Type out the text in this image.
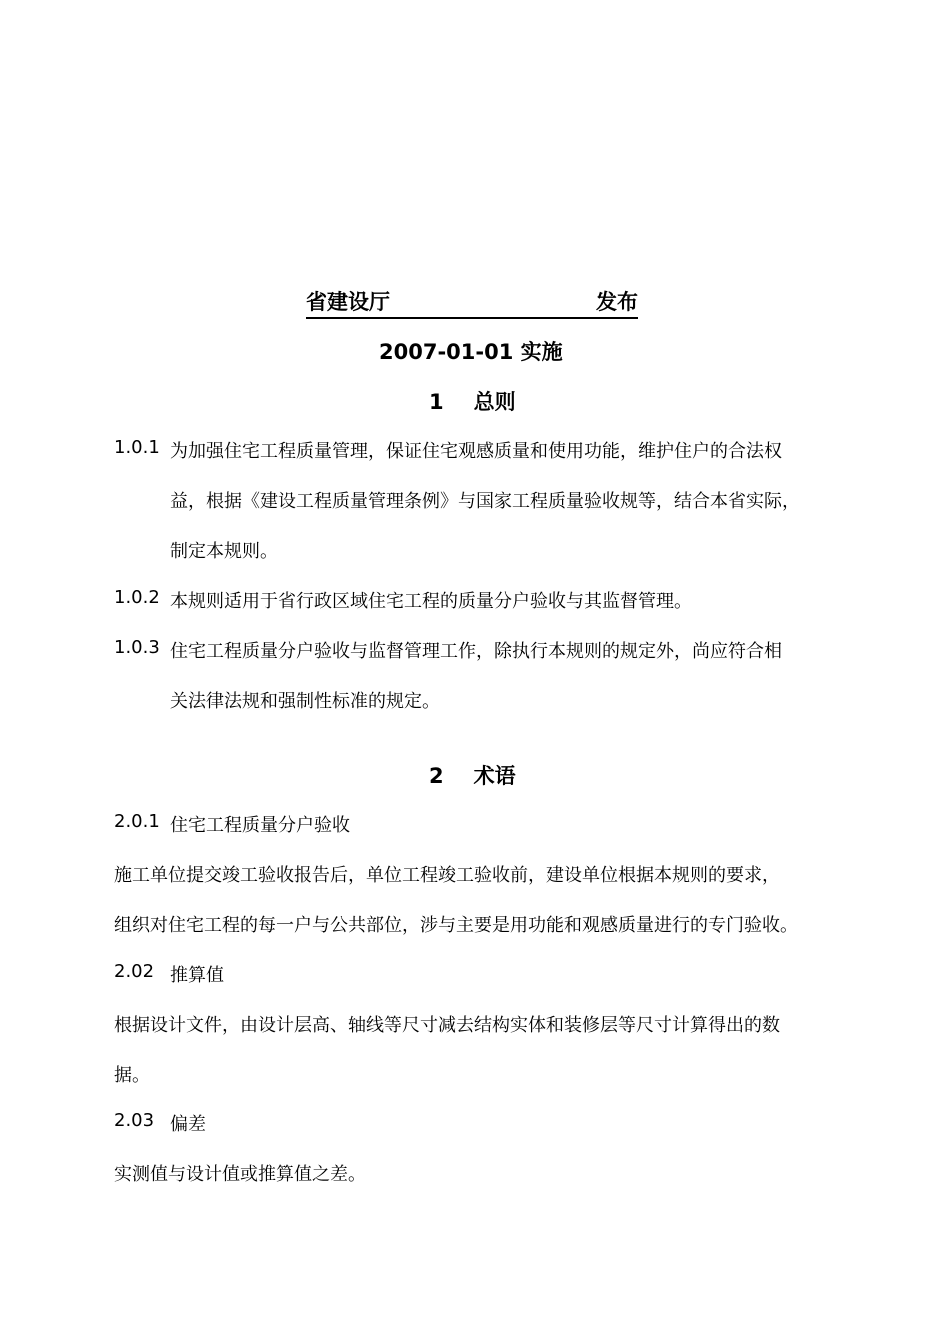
省建设厅	发布
2007-01-01 实施
1 总则
1.0.1 为加强住宅工程质量管理，保证住宅观感质量和使用功能，维护住户的合法权
益，根据《建设工程质量管理条例》与国家工程质量验收规等，结合本省实际，
制定本规则。
1.0.2 本规则适用于省行政区域住宅工程的质量分户验收与其监督管理。
1.0.3 住宅工程质量分户验收与监督管理工作，除执行本规则的规定外，尚应符合相
关法律法规和强制性标准的规定。
2 术语
2.0.1 住宅工程质量分户验收
施工单位提交竣工验收报告后，单位工程竣工验收前，建设单位根据本规则的要求，
组织对住宅工程的每一户与公共部位，涉与主要是用功能和观感质量进行的专门验收。
2.02 推算值
根据设计文件，由设计层高、轴线等尺寸减去结构实体和装修层等尺寸计算得出的数
据。
2.03 偏差
实测值与设计值或推算值之差。
